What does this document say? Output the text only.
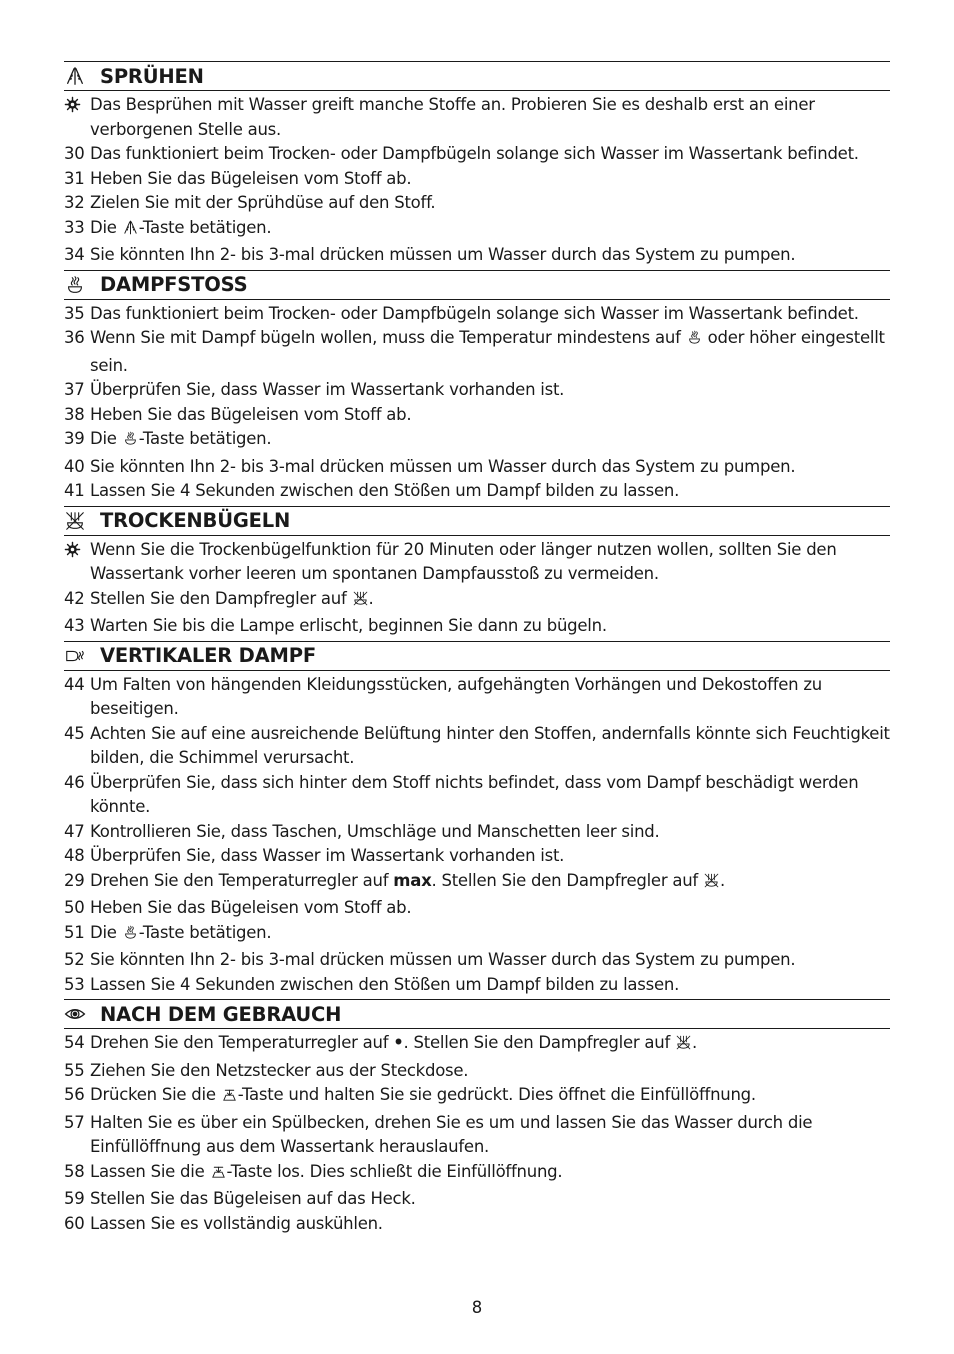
SPRÜHEN
Das Besprühen mit Wasser greift manche Stoffe an. Probieren Sie es deshalb erst an einer verborgenen Stelle aus.
30 Das funktioniert beim Trocken- oder Dampfbügeln solange sich Wasser im Wassertank befindet.
31 Heben Sie das Bügeleisen vom Stoff ab.
32 Zielen Sie mit der Sprühdüse auf den Stoff.
33 Die -Taste betätigen.
34 Sie könnten Ihn 2- bis 3-mal drücken müssen um Wasser durch das System zu pumpen.
DAMPFSTOSS
35 Das funktioniert beim Trocken- oder Dampfbügeln solange sich Wasser im Wassertank befindet.
36 Wenn Sie mit Dampf bügeln wollen, muss die Temperatur mindestens auf  oder höher eingestellt sein.
37 Überprüfen Sie, dass Wasser im Wassertank vorhanden ist.
38 Heben Sie das Bügeleisen vom Stoff ab.
39 Die -Taste betätigen.
40 Sie könnten Ihn 2- bis 3-mal drücken müssen um Wasser durch das System zu pumpen.
41 Lassen Sie 4 Sekunden zwischen den Stößen um Dampf bilden zu lassen.
TROCKENBÜGELN
Wenn Sie die Trockenbügelfunktion für 20 Minuten oder länger nutzen wollen, sollten Sie den Wassertank vorher leeren um spontanen Dampfausstoß zu vermeiden.
42 Stellen Sie den Dampfregler auf .
43 Warten Sie bis die Lampe erlischt, beginnen Sie dann zu bügeln.
VERTIKALER DAMPF
44 Um Falten von hängenden Kleidungsstücken, aufgehängten Vorhängen und Dekostoffen zu beseitigen.
45 Achten Sie auf eine ausreichende Belüftung hinter den Stoffen, andernfalls könnte sich Feuchtigkeit bilden, die Schimmel verursacht.
46 Überprüfen Sie, dass sich hinter dem Stoff nichts befindet, dass vom Dampf beschädigt werden könnte.
47 Kontrollieren Sie, dass Taschen, Umschläge und Manschetten leer sind.
48 Überprüfen Sie, dass Wasser im Wassertank vorhanden ist.
29 Drehen Sie den Temperaturregler auf max. Stellen Sie den Dampfregler auf .
50 Heben Sie das Bügeleisen vom Stoff ab.
51 Die -Taste betätigen.
52 Sie könnten Ihn 2- bis 3-mal drücken müssen um Wasser durch das System zu pumpen.
53 Lassen Sie 4 Sekunden zwischen den Stößen um Dampf bilden zu lassen.
NACH DEM GEBRAUCH
54 Drehen Sie den Temperaturregler auf •. Stellen Sie den Dampfregler auf .
55 Ziehen Sie den Netzstecker aus der Steckdose.
56 Drücken Sie die -Taste und halten Sie sie gedrückt. Dies öffnet die Einfüllöffnung.
57 Halten Sie es über ein Spülbecken, drehen Sie es um und lassen Sie das Wasser durch die Einfüllöffnung aus dem Wassertank herauslaufen.
58 Lassen Sie die -Taste los. Dies schließt die Einfüllöffnung.
59 Stellen Sie das Bügeleisen auf das Heck.
60 Lassen Sie es vollständig auskühlen.
8
